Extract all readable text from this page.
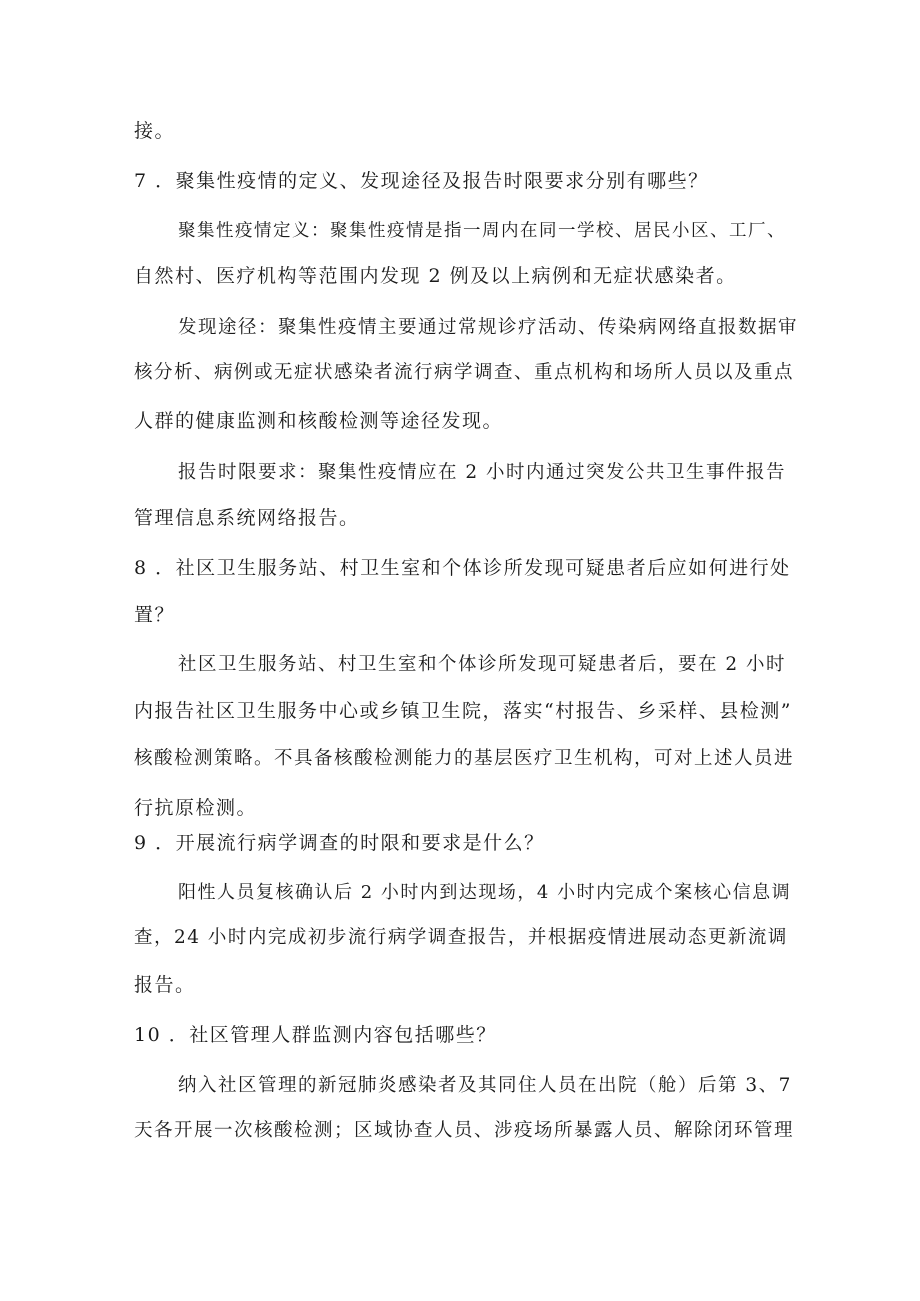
接。
7 ．聚集性疫情的定义、发现途径及报告时限要求分别有哪些？
聚集性疫情定义：聚集性疫情是指一周内在同一学校、居民小区、工厂、
自然村、医疗机构等范围内发现 2 例及以上病例和无症状感染者。
发现途径：聚集性疫情主要通过常规诊疗活动、传染病网络直报数据审
核分析、病例或无症状感染者流行病学调查、重点机构和场所人员以及重点
人群的健康监测和核酸检测等途径发现。
报告时限要求：聚集性疫情应在 2 小时内通过突发公共卫生事件报告
管理信息系统网络报告。
8 ．社区卫生服务站、村卫生室和个体诊所发现可疑患者后应如何进行处
置？
社区卫生服务站、村卫生室和个体诊所发现可疑患者后，要在 2 小时
内报告社区卫生服务中心或乡镇卫生院，落实“村报告、乡采样、县检测”
核酸检测策略。不具备核酸检测能力的基层医疗卫生机构，可对上述人员进
行抗原检测。
9 ．开展流行病学调查的时限和要求是什么？
阳性人员复核确认后 2 小时内到达现场，4 小时内完成个案核心信息调
查，24 小时内完成初步流行病学调查报告，并根据疫情进展动态更新流调
报告。
10 ．社区管理人群监测内容包括哪些？
纳入社区管理的新冠肺炎感染者及其同住人员在出院（舱）后第 3、7
天各开展一次核酸检测；区域协查人员、涉疫场所暴露人员、解除闭环管理
